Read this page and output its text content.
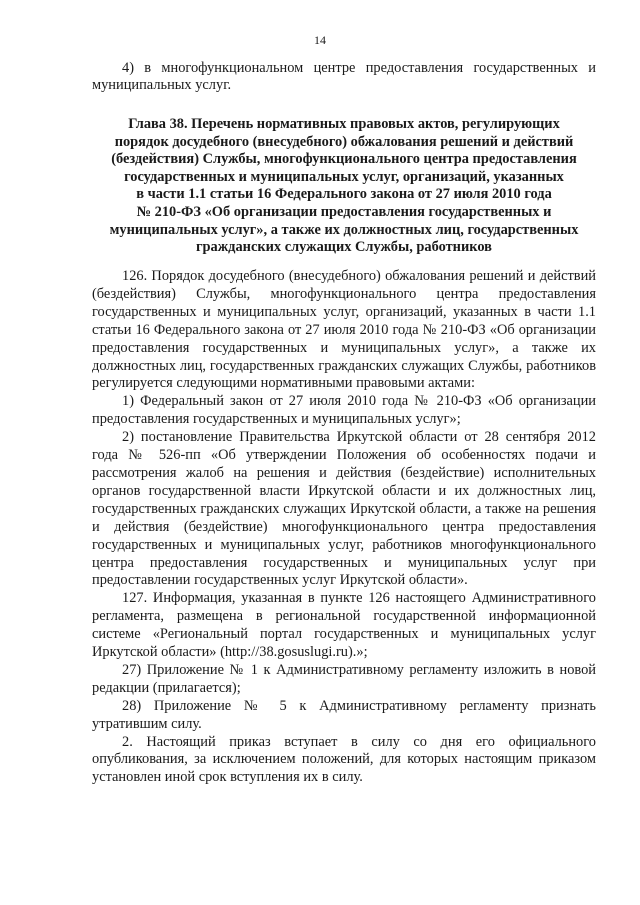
14

4) в многофункциональном центре предоставления государственных и муниципальных услуг.

Глава 38. Перечень нормативных правовых актов, регулирующих
порядок досудебного (внесудебного) обжалования решений и действий
(бездействия) Службы, многофункционального центра предоставления
государственных и муниципальных услуг, организаций, указанных
в части 1.1 статьи 16 Федерального закона от 27 июля 2010 года
№ 210-ФЗ «Об организации предоставления государственных и
муниципальных услуг», а также их должностных лиц, государственных
гражданских служащих Службы, работников

126. Порядок досудебного (внесудебного) обжалования решений и действий (бездействия) Службы, многофункционального центра предоставления государственных и муниципальных услуг, организаций, указанных в части 1.1 статьи 16 Федерального закона от 27 июля 2010 года № 210-ФЗ «Об организации предоставления государственных и муниципальных услуг», а также их должностных лиц, государственных гражданских служащих Службы, работников регулируется следующими нормативными правовыми актами:

1) Федеральный закон от 27 июля 2010 года № 210-ФЗ «Об организации предоставления государственных и муниципальных услуг»;

2) постановление Правительства Иркутской области от 28 сентября 2012 года № 526-пп «Об утверждении Положения об особенностях подачи и рассмотрения жалоб на решения и действия (бездействие) исполнительных органов государственной власти Иркутской области и их должностных лиц, государственных гражданских служащих Иркутской области, а также на решения и действия (бездействие) многофункционального центра предоставления государственных и муниципальных услуг, работников многофункционального центра предоставления государственных и муниципальных услуг при предоставлении государственных услуг Иркутской области».

127. Информация, указанная в пункте 126 настоящего Административного регламента, размещена в региональной государственной информационной системе «Региональный портал государственных и муниципальных услуг Иркутской области» (http://38.gosuslugi.ru).»;

27) Приложение № 1 к Административному регламенту изложить в новой редакции (прилагается);

28) Приложение № 5 к Административному регламенту признать утратившим силу.

2. Настоящий приказ вступает в силу со дня его официального опубликования, за исключением положений, для которых настоящим приказом установлен иной срок вступления их в силу.
